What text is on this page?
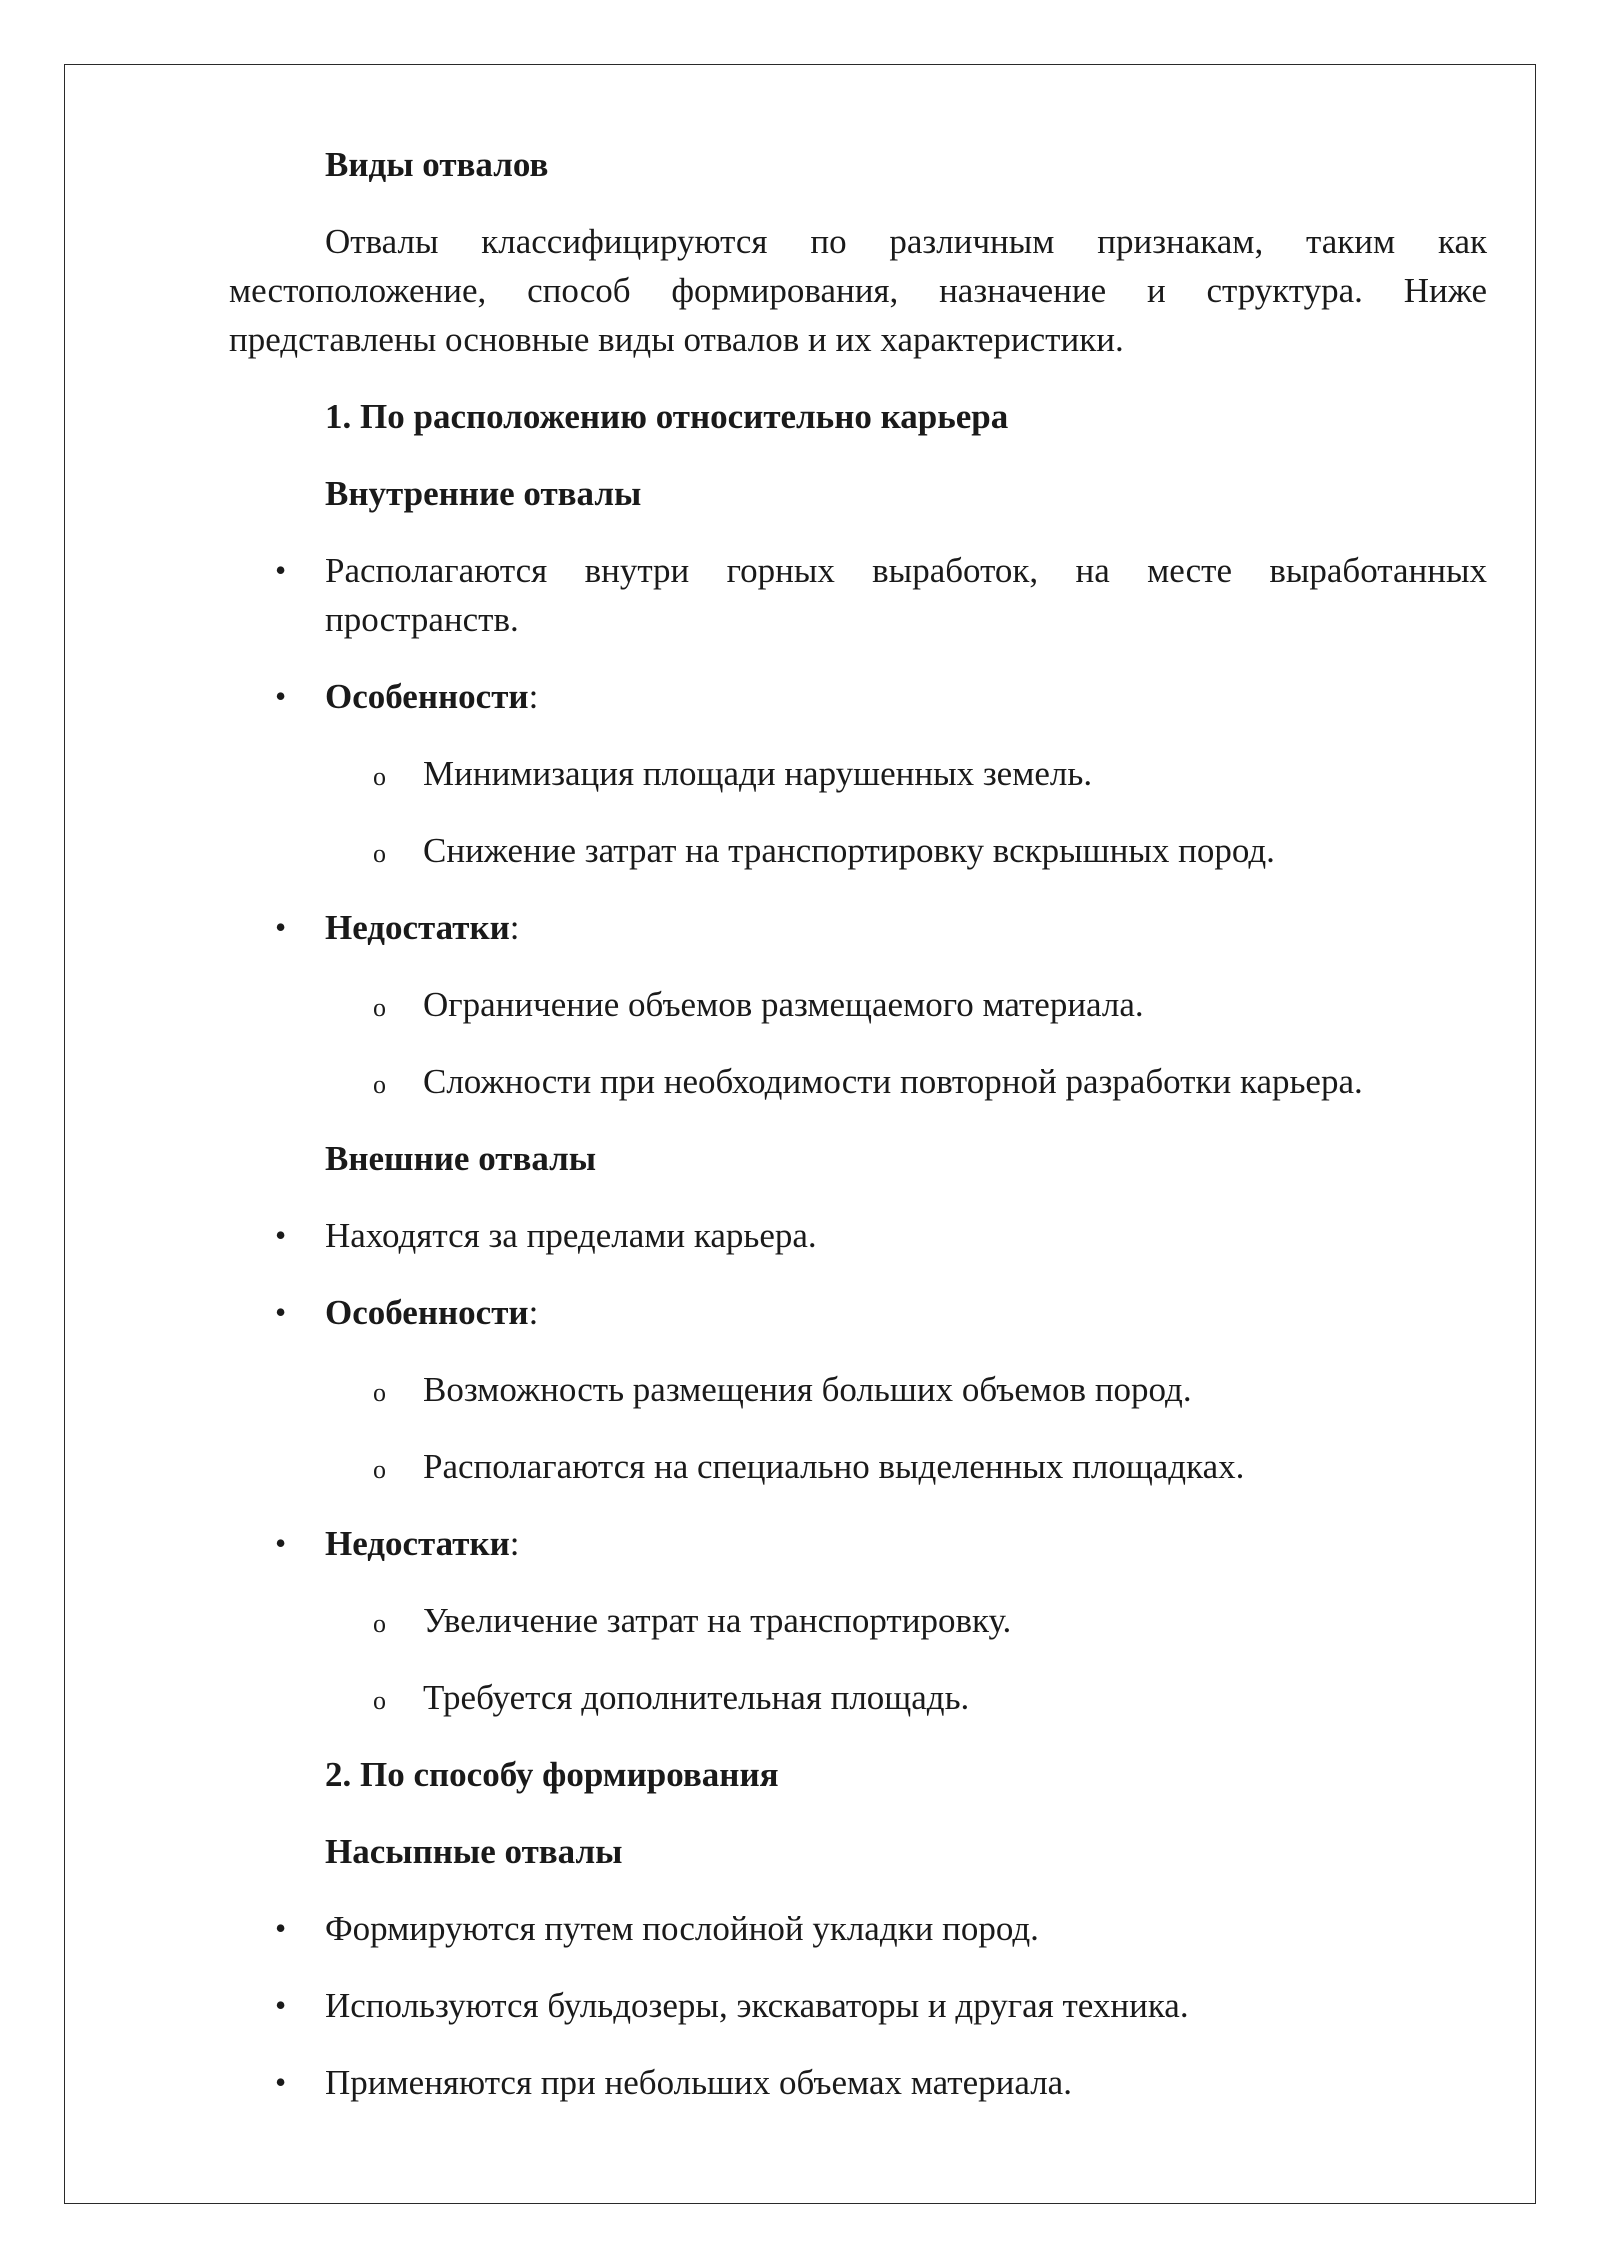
Виды отвалов
Отвалы классифицируются по различным признакам, таким как местоположение, способ формирования, назначение и структура. Ниже представлены основные виды отвалов и их характеристики.
1. По расположению относительно карьера
Внутренние отвалы
• Располагаются внутри горных выработок, на месте выработанных пространств.
• Особенности:
o Минимизация площади нарушенных земель.
o Снижение затрат на транспортировку вскрышных пород.
• Недостатки:
o Ограничение объемов размещаемого материала.
o Сложности при необходимости повторной разработки карьера.
Внешние отвалы
• Находятся за пределами карьера.
• Особенности:
o Возможность размещения больших объемов пород.
o Располагаются на специально выделенных площадках.
• Недостатки:
o Увеличение затрат на транспортировку.
o Требуется дополнительная площадь.
2. По способу формирования
Насыпные отвалы
• Формируются путем послойной укладки пород.
• Используются бульдозеры, экскаваторы и другая техника.
• Применяются при небольших объемах материала.
